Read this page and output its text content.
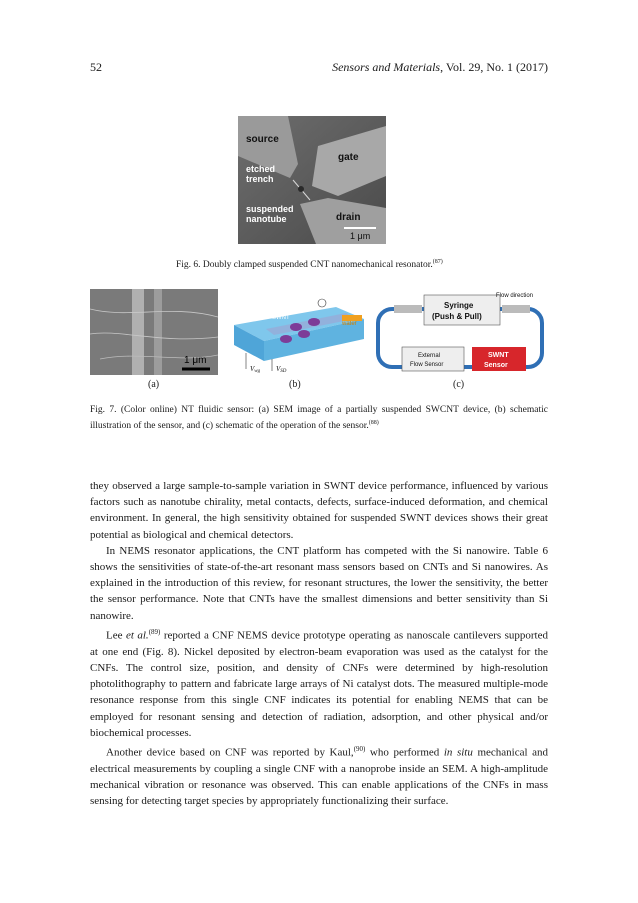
52	Sensors and Materials, Vol. 29, No. 1 (2017)
source
gate
etched
trench
suspended
nanotube	drain
1 μm
Fig. 6. Doubly clamped suspended CNT nanomechanical resonator.$^{(87)}$
1 μm
SWNT
water
Vwg VSD
Flow direction
Syringe
(Push & Pull)
External
Flow Sensor
SWNT
Sensor
(a)	(b)	(c)
Fig. 7. (Color online) NT fluidic sensor: (a) SEM image of a partially suspended SWCNT device, (b) schematic illustration of the sensor, and (c) schematic of the operation of the sensor.$^{(88)}$

they observed a large sample-to-sample variation in SWNT device performance, influenced by various factors such as nanotube chirality, metal contacts, defects, surface-induced deformation, and chemical environment. In general, the high sensitivity obtained for suspended SWNT devices shows their great potential as biological and chemical detectors.

In NEMS resonator applications, the CNT platform has competed with the Si nanowire. Table 6 shows the sensitivities of state-of-the-art resonant mass sensors based on CNTs and Si nanowires. As explained in the introduction of this review, for resonant structures, the lower the sensitivity, the better the sensor performance. Note that CNTs have the smallest dimensions and better sensitivity than Si nanowire.

Lee et al.$^{(89)}$ reported a CNF NEMS device prototype operating as nanoscale cantilevers supported at one end (Fig. 8). Nickel deposited by electron-beam evaporation was used as the catalyst for the CNFs. The control size, position, and density of CNFs were determined by high-resolution photolithography to pattern and fabricate large arrays of Ni catalyst dots. The measured multiple-mode resonance response from this single CNF indicates its potential for enabling NEMS that can be employed for resonant sensing and detection of radiation, adsorption, and other physical and/or biochemical processes.

Another device based on CNF was reported by Kaul,$^{(90)}$ who performed in situ mechanical and electrical measurements by coupling a single CNF with a nanoprobe inside an SEM. A high-amplitude mechanical vibration or resonance was observed. This can enable applications of the CNFs in mass sensing for detecting target species by appropriately functionalizing their surface.
